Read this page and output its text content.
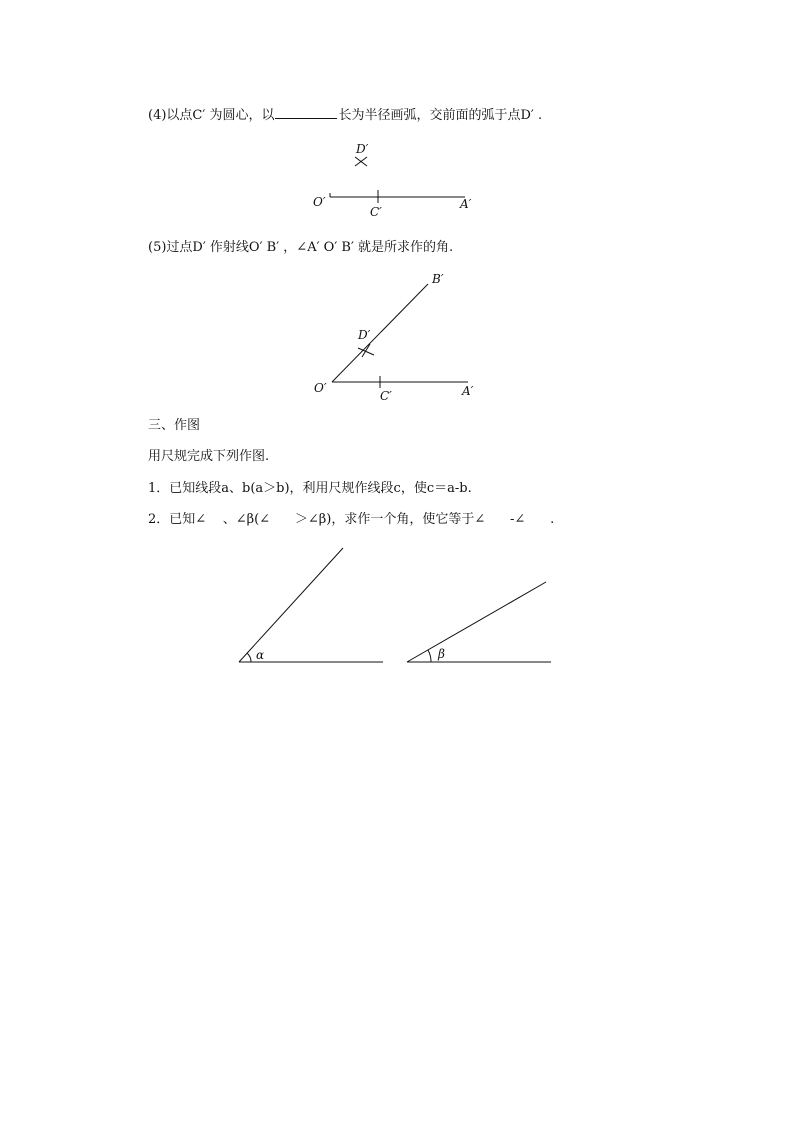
(4)以点C′ 为圆心，以	长为半径画弧，交前面的弧于点D′ .
D′
O′
C′
A′
(5)过点D′ 作射线O′ B′ ，∠A′ O′ B′ 就是所求作的角.
B′
D′
O′
C′	A′
三、作图
用尺规完成下列作图.
1．已知线段a、b(a＞b)，利用尺规作线段c，使c＝a-b.
2．已知∠    、∠β(∠      ＞∠β)，求作一个角，使它等于∠      -∠      .
α	β
